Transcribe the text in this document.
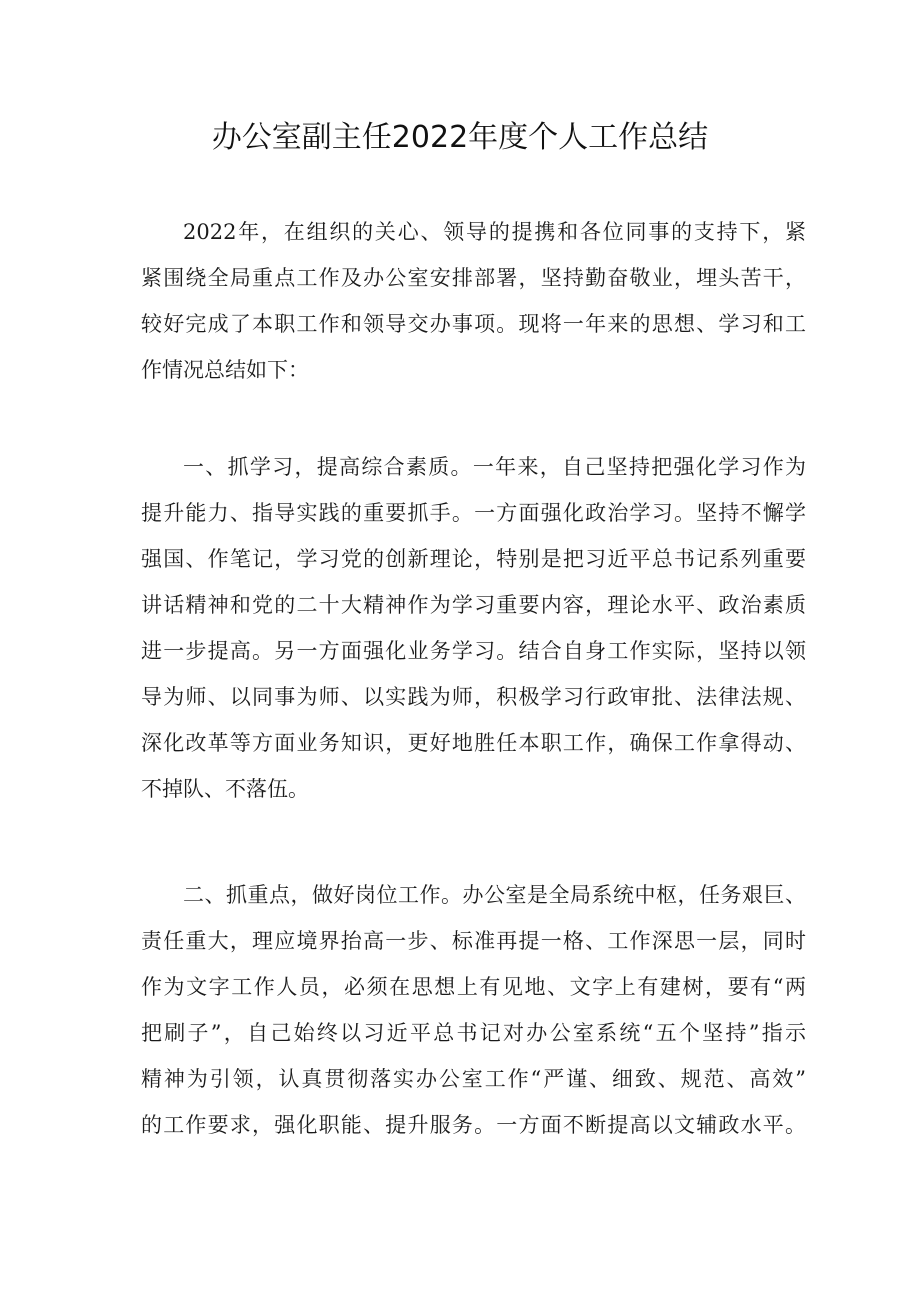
办公室副主任2022年度个人工作总结
2022年，在组织的关心、领导的提携和各位同事的支持下，紧
紧围绕全局重点工作及办公室安排部署，坚持勤奋敬业，埋头苦干，
较好完成了本职工作和领导交办事项。现将一年来的思想、学习和工
作情况总结如下：
一、抓学习，提高综合素质。一年来，自己坚持把强化学习作为
提升能力、指导实践的重要抓手。一方面强化政治学习。坚持不懈学
强国、作笔记，学习党的创新理论，特别是把习近平总书记系列重要
讲话精神和党的二十大精神作为学习重要内容，理论水平、政治素质
进一步提高。另一方面强化业务学习。结合自身工作实际，坚持以领
导为师、以同事为师、以实践为师，积极学习行政审批、法律法规、
深化改革等方面业务知识，更好地胜任本职工作，确保工作拿得动、
不掉队、不落伍。
二、抓重点，做好岗位工作。办公室是全局系统中枢，任务艰巨、
责任重大，理应境界抬高一步、标准再提一格、工作深思一层，同时
作为文字工作人员，必须在思想上有见地、文字上有建树，要有“两
把刷子”，自己始终以习近平总书记对办公室系统“五个坚持”指示
精神为引领，认真贯彻落实办公室工作“严谨、细致、规范、高效”
的工作要求，强化职能、提升服务。一方面不断提高以文辅政水平。
